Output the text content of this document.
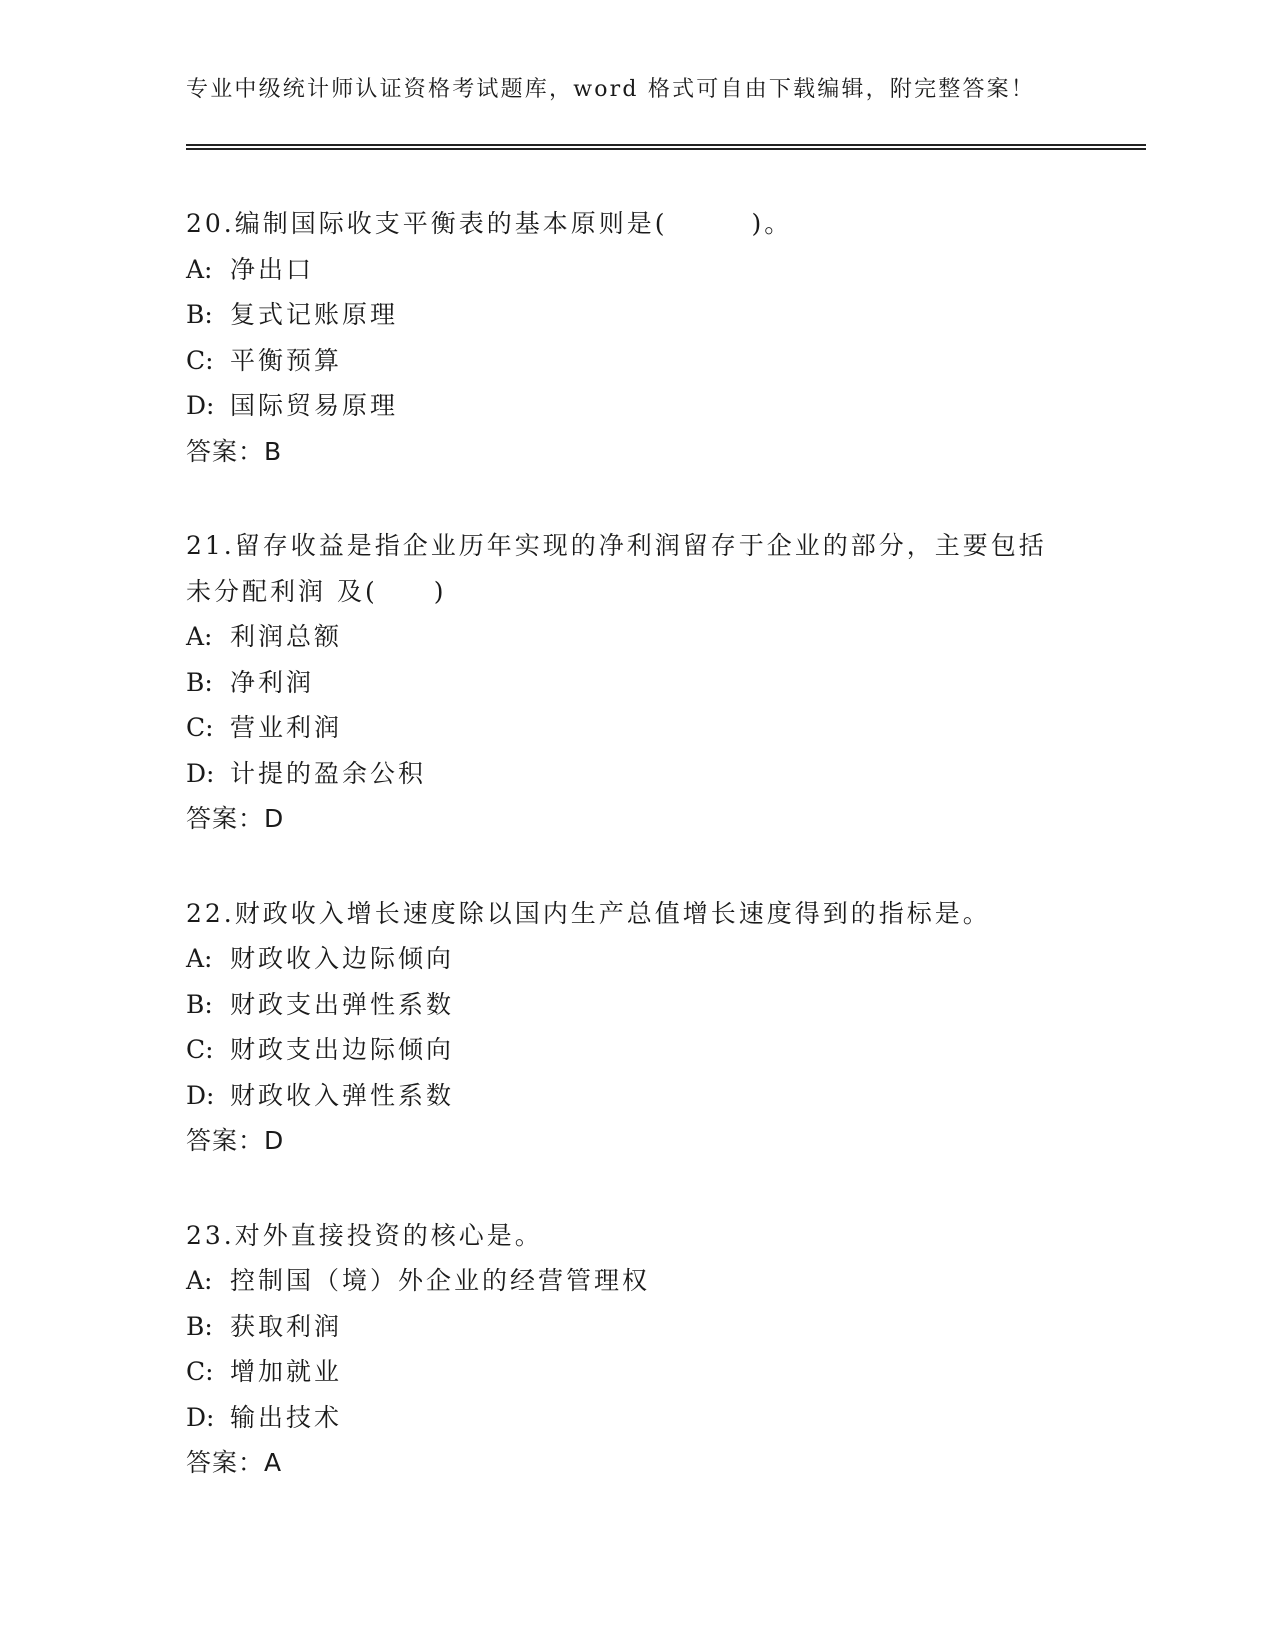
专业中级统计师认证资格考试题库，word 格式可自由下载编辑，附完整答案！
20.编制国际收支平衡表的基本原则是(　　　)。
A: 净出口
B: 复式记账原理
C: 平衡预算
D: 国际贸易原理
答案：B
21.留存收益是指企业历年实现的净利润留存于企业的部分，主要包括未分配利润 及(　　)
A: 利润总额
B: 净利润
C: 营业利润
D: 计提的盈余公积
答案：D
22.财政收入增长速度除以国内生产总值增长速度得到的指标是。
A: 财政收入边际倾向
B: 财政支出弹性系数
C: 财政支出边际倾向
D: 财政收入弹性系数
答案：D
23.对外直接投资的核心是。
A: 控制国（境）外企业的经营管理权
B: 获取利润
C: 增加就业
D: 输出技术
答案：A
